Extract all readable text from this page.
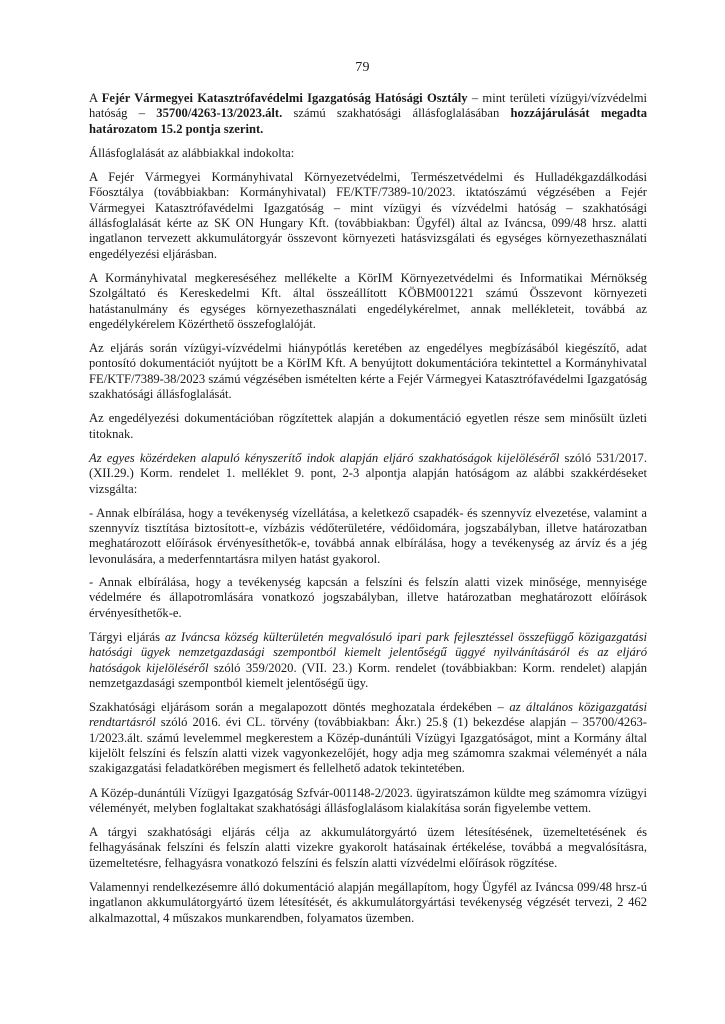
79

A Fejér Vármegyei Katasztrófavédelmi Igazgatóság Hatósági Osztály – mint területi vízügyi/vízvédelmi hatóság – 35700/4263-13/2023.ált. számú szakhatósági állásfoglalásában hozzájárulását megadta határozatom 15.2 pontja szerint.

Állásfoglalását az alábbiakkal indokolta:

A Fejér Vármegyei Kormányhivatal Környezetvédelmi, Természetvédelmi és Hulladékgazdálkodási Főosztálya (továbbiakban: Kormányhivatal) FE/KTF/7389-10/2023. iktatószámú végzésében a Fejér Vármegyei Katasztrófavédelmi Igazgatóság – mint vízügyi és vízvédelmi hatóság – szakhatósági állásfoglalását kérte az SK ON Hungary Kft. (továbbiakban: Ügyfél) által az Iváncsa, 099/48 hrsz. alatti ingatlanon tervezett akkumulátorgyár összevont környezeti hatásvizsgálati és egységes környezethasználati engedélyezési eljárásban.

A Kormányhivatal megkereséséhez mellékelte a KörIM Környezetvédelmi és Informatikai Mérnökség Szolgáltató és Kereskedelmi Kft. által összeállított KÖBM001221 számú Összevont környezeti hatástanulmány és egységes környezethasználati engedélykérelmet, annak mellékleteit, továbbá az engedélykérelem Közérthető összefoglalóját.

Az eljárás során vízügyi-vízvédelmi hiánypótlás keretében az engedélyes megbízásából kiegészítő, adat pontosító dokumentációt nyújtott be a KörIM Kft. A benyújtott dokumentációra tekintettel a Kormányhivatal FE/KTF/7389-38/2023 számú végzésében ismételten kérte a Fejér Vármegyei Katasztrófavédelmi Igazgatóság szakhatósági állásfoglalását.

Az engedélyezési dokumentációban rögzítettek alapján a dokumentáció egyetlen része sem minősült üzleti titoknak.

Az egyes közérdeken alapuló kényszerítő indok alapján eljáró szakhatóságok kijelöléséről szóló 531/2017. (XII.29.) Korm. rendelet 1. melléklet 9. pont, 2-3 alpontja alapján hatóságom az alábbi szakkérdéseket vizsgálta:

- Annak elbírálása, hogy a tevékenység vízellátása, a keletkező csapadék- és szennyvíz elvezetése, valamint a szennyvíz tisztítása biztosított-e, vízbázis védőterületére, védőidomára, jogszabályban, illetve határozatban meghatározott előírások érvényesíthetők-e, továbbá annak elbírálása, hogy a tevékenység az árvíz és a jég levonulására, a mederfenntartásra milyen hatást gyakorol.

- Annak elbírálása, hogy a tevékenység kapcsán a felszíni és felszín alatti vizek minősége, mennyisége védelmére és állapotromlására vonatkozó jogszabályban, illetve határozatban meghatározott előírások érvényesíthetők-e.

Tárgyi eljárás az Iváncsa község külterületén megvalósuló ipari park fejlesztéssel összefüggő közigazgatási hatósági ügyek nemzetgazdasági szempontból kiemelt jelentőségű üggyé nyilvánításáról és az eljáró hatóságok kijelöléséről szóló 359/2020. (VII. 23.) Korm. rendelet (továbbiakban: Korm. rendelet) alapján nemzetgazdasági szempontból kiemelt jelentőségű ügy.

Szakhatósági eljárásom során a megalapozott döntés meghozatala érdekében – az általános közigazgatási rendtartásról szóló 2016. évi CL. törvény (továbbiakban: Ákr.) 25.§ (1) bekezdése alapján – 35700/4263-1/2023.ált. számú levelemmel megkerestem a Közép-dunántúli Vízügyi Igazgatóságot, mint a Kormány által kijelölt felszíni és felszín alatti vizek vagyonkezelőjét, hogy adja meg számomra szakmai véleményét a nála szakigazgatási feladatkörében megismert és fellelhető adatok tekintetében.

A Közép-dunántúli Vízügyi Igazgatóság Szfvár-001148-2/2023. ügyiratszámon küldte meg számomra vízügyi véleményét, melyben foglaltakat szakhatósági állásfoglalásom kialakítása során figyelembe vettem.

A tárgyi szakhatósági eljárás célja az akkumulátorgyártó üzem létesítésének, üzemeltetésének és felhagyásának felszíni és felszín alatti vizekre gyakorolt hatásainak értékelése, továbbá a megvalósításra, üzemeltetésre, felhagyásra vonatkozó felszíni és felszín alatti vízvédelmi előírások rögzítése.

Valamennyi rendelkezésemre álló dokumentáció alapján megállapítom, hogy Ügyfél az Iváncsa 099/48 hrsz-ú ingatlanon akkumulátorgyártó üzem létesítését, és akkumulátorgyártási tevékenység végzését tervezi, 2 462 alkalmazottal, 4 műszakos munkarendben, folyamatos üzemben.
